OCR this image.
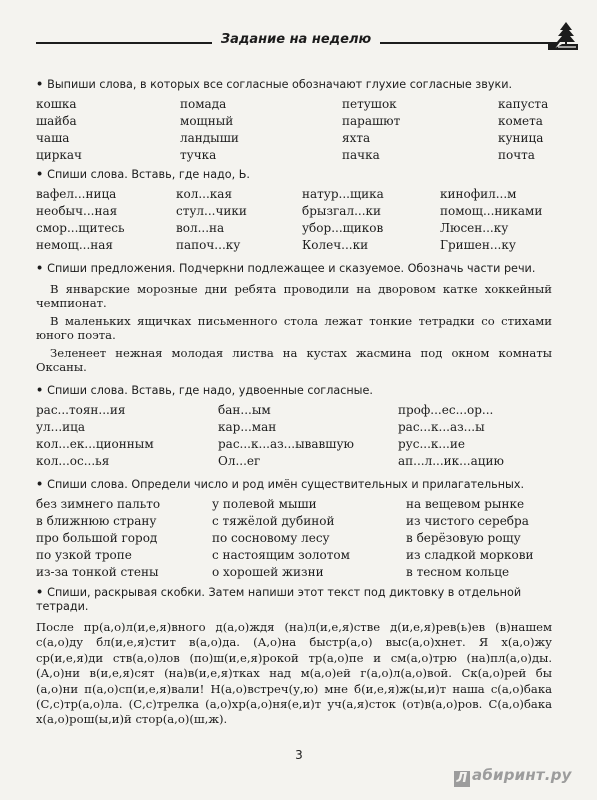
Задание на неделю
• Выпиши слова, в которых все согласные обозначают глухие согласные звуки.
кошка
шайба
чаша
циркач
помада
мощный
ландыши
тучка
петушок
парашют
яхта
пачка
капуста
комета
куница
почта
• Спиши слова. Вставь, где надо, Ь.
вафел...ница
необыч...ная
смор...щитесь
немощ...ная
кол...кая
стул...чики
вол...на
папоч...ку
натур...щика
брызгал...ки
убор...щиков
Колеч...ки
кинофил...м
помощ...никами
Люсен...ку
Гришен...ку
• Спиши предложения. Подчеркни подлежащее и сказуемое. Обозначь части речи.
В январские морозные дни ребята проводили на дворовом катке хоккейный чемпионат.
В маленьких ящичках письменного стола лежат тонкие тетрадки со стихами юного поэта.
Зеленеет нежная молодая листва на кустах жасмина под окном комнаты Оксаны.
• Спиши слова. Вставь, где надо, удвоенные согласные.
рас...тоян...ия
ул...ица
кол...ек...ционным
кол...ос...ья
бан...ым
кар...ман
рас...к...аз...ывавшую
Ол...ег
проф...ес...ор...
рас...к...аз...ы
рус...к...ие
ап...л...ик...ацию
• Спиши слова. Определи число и род имён существительных и прилагательных.
без зимнего пальто
в ближнюю страну
про большой город
по узкой тропе
из-за тонкой стены
у полевой мыши
с тяжёлой дубиной
по сосновому лесу
с настоящим золотом
о хорошей жизни
на вещевом рынке
из чистого серебра
в берёзовую рощу
из сладкой моркови
в тесном кольце
• Спиши, раскрывая скобки. Затем напиши этот текст под диктовку в отдельной тетради.
После пр(а,о)л(и,е,я)вного д(а,о)ждя (на)л(и,е,я)стве д(и,е,я)рев(ь)ев (в)нашем с(а,о)ду бл(и,е,я)стит в(а,о)да. (А,о)на быстр(а,о) выс(а,о)хнет. Я х(а,о)жу ср(и,е,я)ди ств(а,о)лов (по)ш(и,е,я)рокой тр(а,о)пе и см(а,о)трю (на)пл(а,о)ды. (А,о)ни в(и,е,я)сят (на)в(и,е,я)тках над м(а,о)ей г(а,о)л(а,о)вой. Ск(а,о)рей бы (а,о)ни п(а,о)сп(и,е,я)вали! Н(а,о)встреч(у,ю) мне б(и,е,я)ж(ы,и)т наша с(а,о)бака (С,с)тр(а,о)ла. (С,с)трелка (а,о)хр(а,о)ня(е,и)т уч(а,я)сток (от)в(а,о)ров. С(а,о)бака х(а,о)рош(ы,и)й стор(а,о)(ш,ж).
3
Л абиринт.ру
